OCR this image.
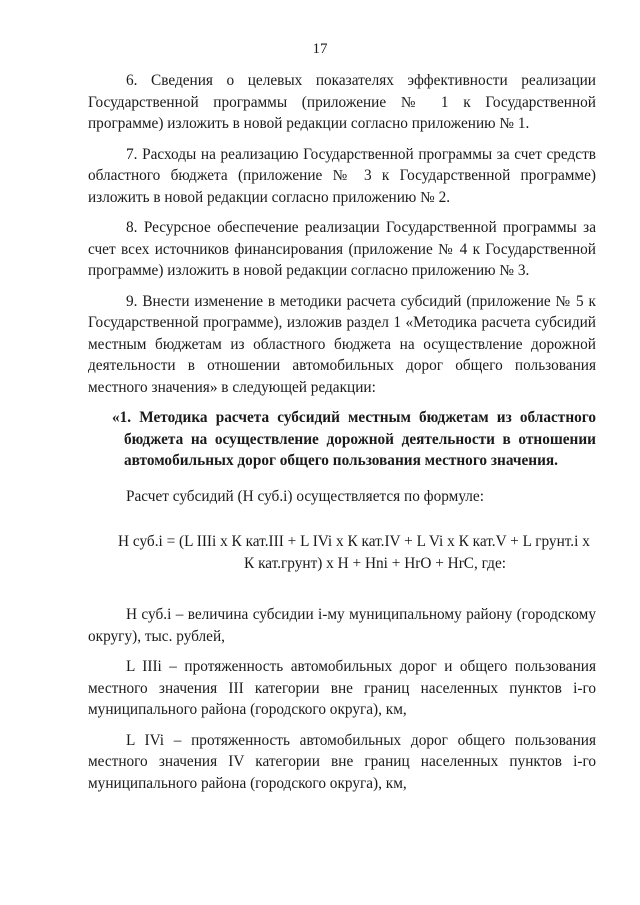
17

6. Сведения о целевых показателях эффективности реализации Государственной программы (приложение № 1 к Государственной программе) изложить в новой редакции согласно приложению № 1.

7. Расходы на реализацию Государственной программы за счет средств областного бюджета (приложение № 3 к Государственной программе) изложить в новой редакции согласно приложению № 2.

8. Ресурсное обеспечение реализации Государственной программы за счет всех источников финансирования (приложение № 4 к Государственной программе) изложить в новой редакции согласно приложению № 3.

9. Внести изменение в методики расчета субсидий (приложение № 5 к Государственной программе), изложив раздел 1 «Методика расчета субсидий местным бюджетам из областного бюджета на осуществление дорожной деятельности в отношении автомобильных дорог общего пользования местного значения» в следующей редакции:

«1. Методика расчета субсидий местным бюджетам из областного бюджета на осуществление дорожной деятельности в отношении автомобильных дорог общего пользования местного значения.

Расчет субсидий (Н суб.i) осуществляется по формуле:

Н суб.i = (L IIIi x К кат.III + L IVi x К кат.IV + L Vi x К кат.V + L грунт.i x
К кат.грунт) x Н + Нni + НrО + НrС, где:

Н суб.i – величина субсидии i-му муниципальному району (городскому округу), тыс. рублей,

L IIIi – протяженность автомобильных дорог и общего пользования местного значения III категории вне границ населенных пунктов i-го муниципального района (городского округа), км,

L IVi – протяженность автомобильных дорог общего пользования местного значения IV категории вне границ населенных пунктов i-го муниципального района (городского округа), км,
